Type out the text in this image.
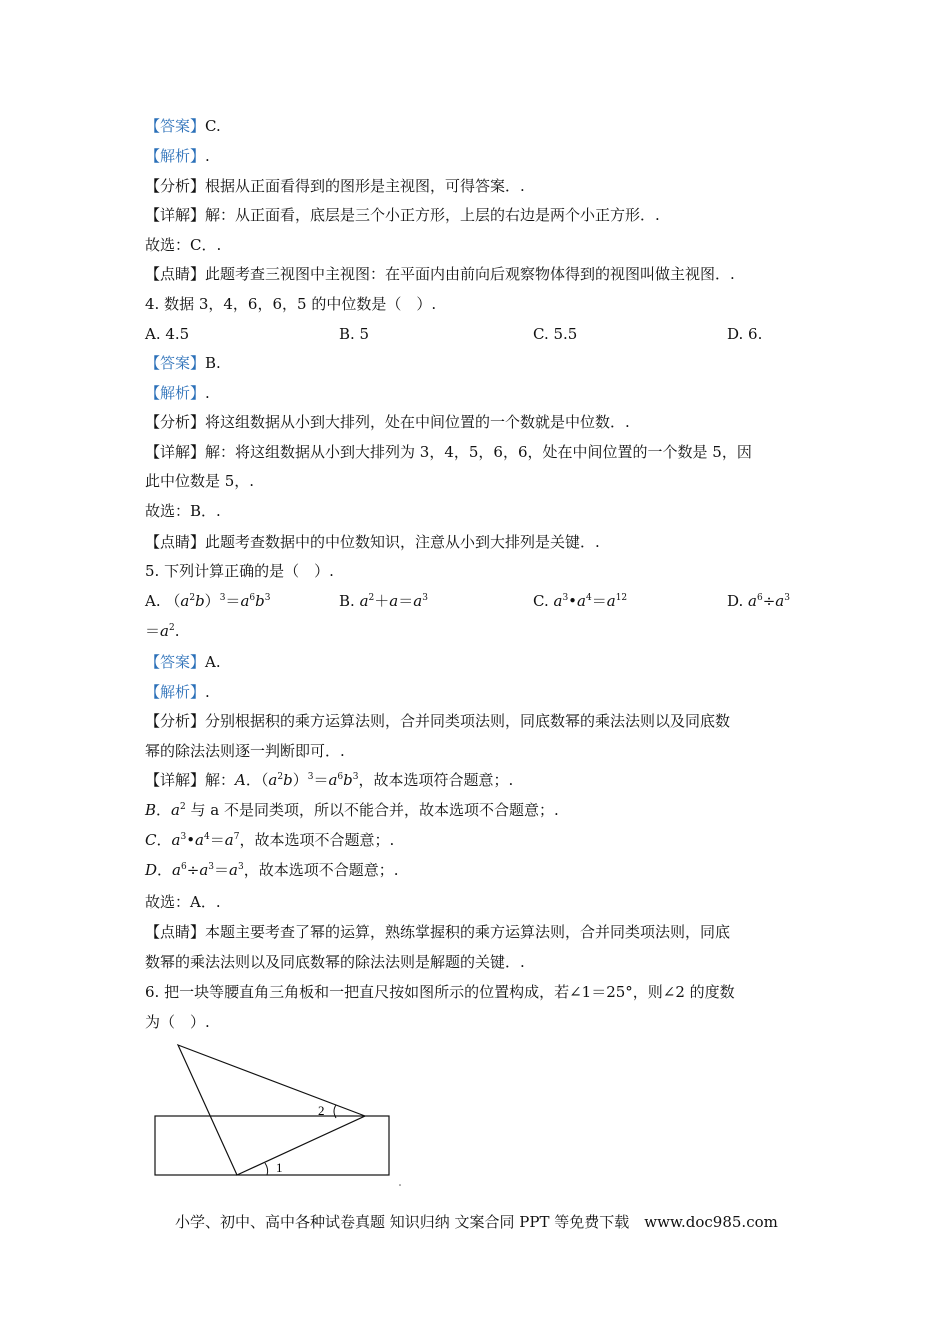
【答案】C.
【解析】.
【分析】根据从正面看得到的图形是主视图，可得答案．.
【详解】解：从正面看，底层是三个小正方形，上层的右边是两个小正方形．.
故选：C．.
【点睛】此题考查三视图中主视图：在平面内由前向后观察物体得到的视图叫做主视图．.
4. 数据 3，4，6，6，5 的中位数是（　）.
A. 4.5	B. 5	C. 5.5	D. 6.
【答案】B.
【解析】.
【分析】将这组数据从小到大排列，处在中间位置的一个数就是中位数．.
【详解】解：将这组数据从小到大排列为 3，4，5，6，6，处在中间位置的一个数是 5，因
此中位数是 5，.
故选：B．.
【点睛】此题考查数据中的中位数知识，注意从小到大排列是关键．.
5. 下列计算正确的是（　）.
A. $(a^2b)^3=a^6b^3$	B. $a^2+a=a^3$	C. $a^3•a^4=a^{12}$	D. $a^6\div a^3$
$=a^2$.
【答案】A.
【解析】.
【分析】分别根据积的乘方运算法则，合并同类项法则，同底数幂的乘法法则以及同底数
幂的除法法则逐一判断即可．.
【详解】解：A．$(a^2b)^3=a^6b^3$，故本选项符合题意；.
B．$a^2$ 与 a 不是同类项，所以不能合并，故本选项不合题意；.
C．$a^3•a^4=a^7$，故本选项不合题意；.
D．$a^6\div a^3=a^3$，故本选项不合题意；.
故选：A．.
【点睛】本题主要考查了幂的运算，熟练掌握积的乘方运算法则，合并同类项法则，同底
数幂的乘法法则以及同底数幂的除法法则是解题的关键．.
6. 把一块等腰直角三角板和一把直尺按如图所示的位置构成，若∠1＝25°，则∠2 的度数
为（　）.
1
2
小学、初中、高中各种试卷真题 知识归纳 文案合同 PPT 等免费下载　www.doc985.com
